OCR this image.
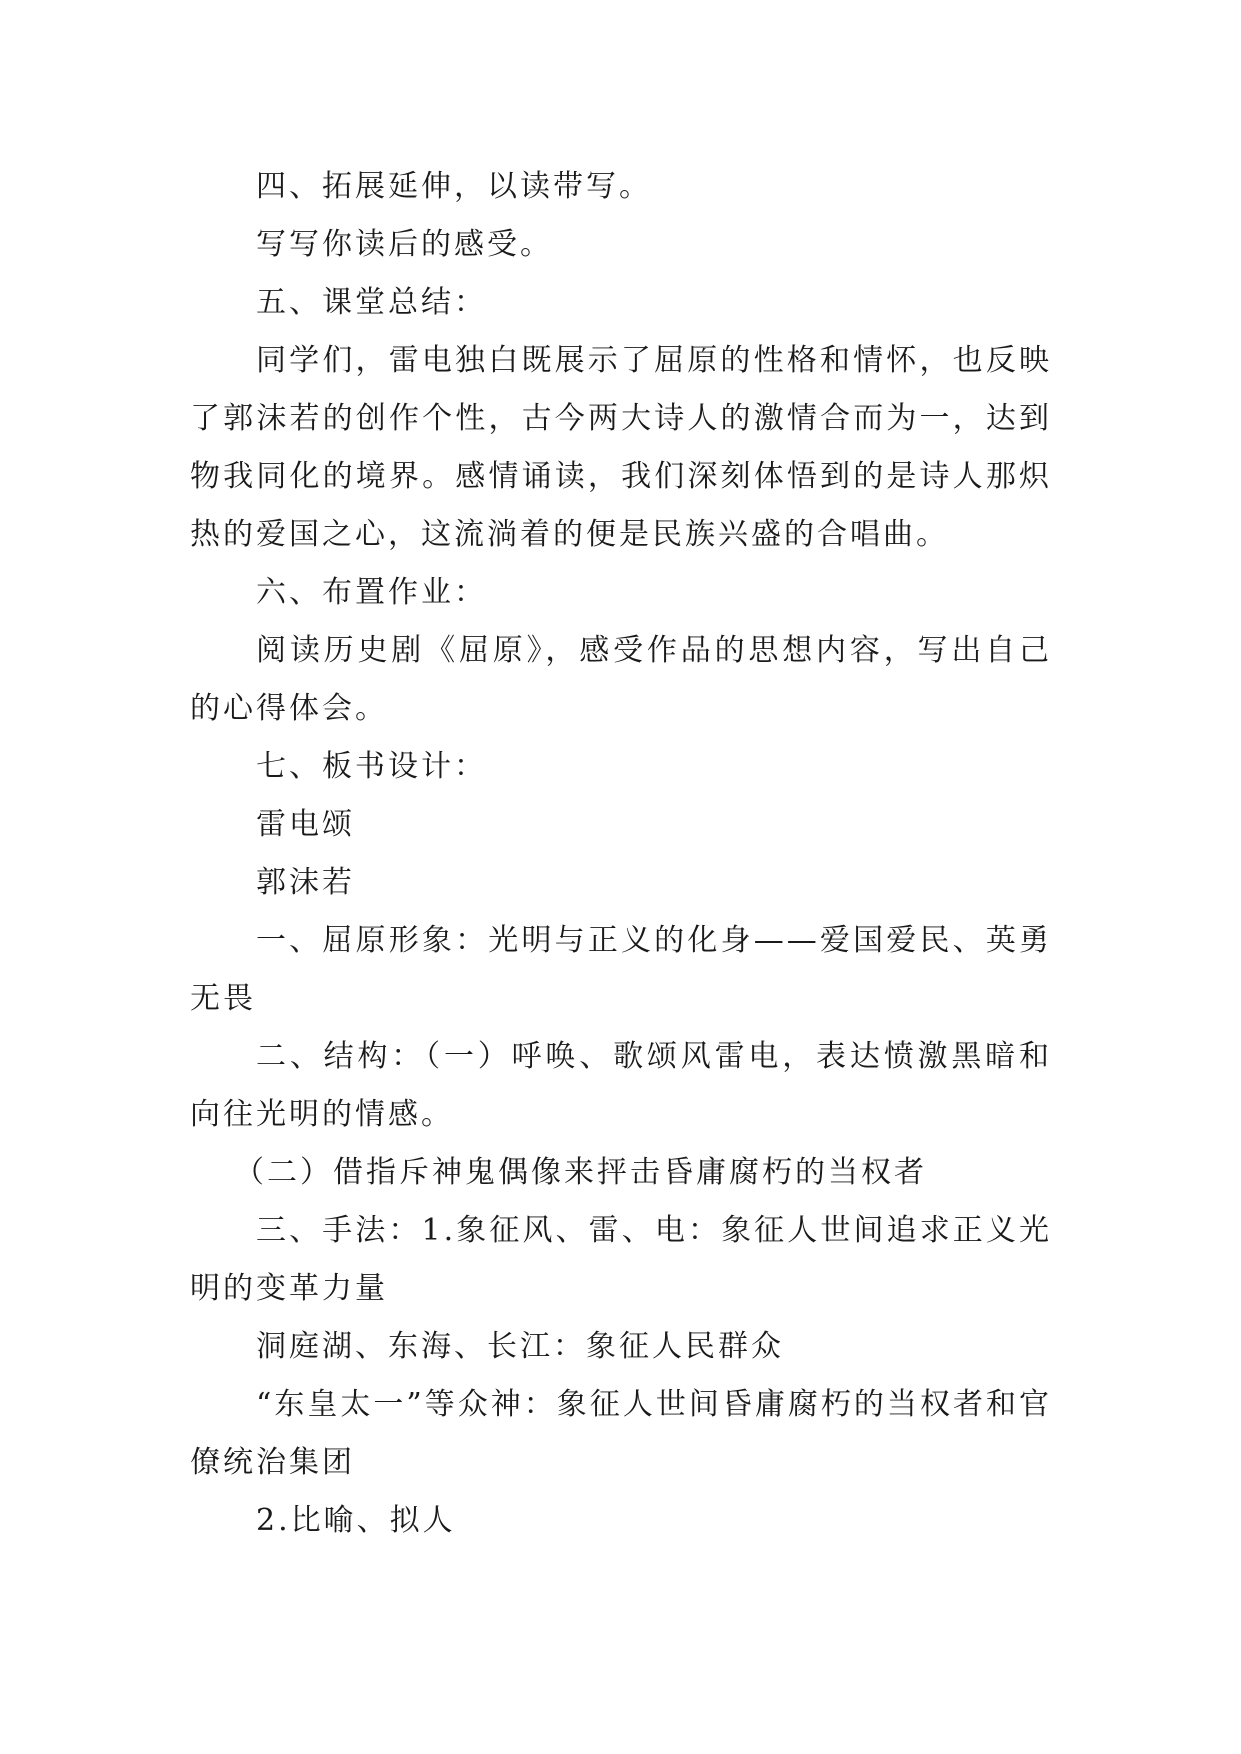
四、拓展延伸，以读带写。

写写你读后的感受。

五、课堂总结：

同学们，雷电独白既展示了屈原的性格和情怀，也反映了郭沫若的创作个性，古今两大诗人的激情合而为一，达到物我同化的境界。感情诵读，我们深刻体悟到的是诗人那炽热的爱国之心，这流淌着的便是民族兴盛的合唱曲。

六、布置作业：

阅读历史剧《屈原》，感受作品的思想内容，写出自己的心得体会。

七、板书设计：

雷电颂

郭沫若

一、屈原形象：光明与正义的化身——爱国爱民、英勇无畏

二、结构：（一）呼唤、歌颂风雷电，表达愤激黑暗和向往光明的情感。

（二）借指斥神鬼偶像来抨击昏庸腐朽的当权者

三、手法：1.象征风、雷、电：象征人世间追求正义光明的变革力量

洞庭湖、东海、长江：象征人民群众

“东皇太一”等众神：象征人世间昏庸腐朽的当权者和官僚统治集团

2.比喻、拟人
